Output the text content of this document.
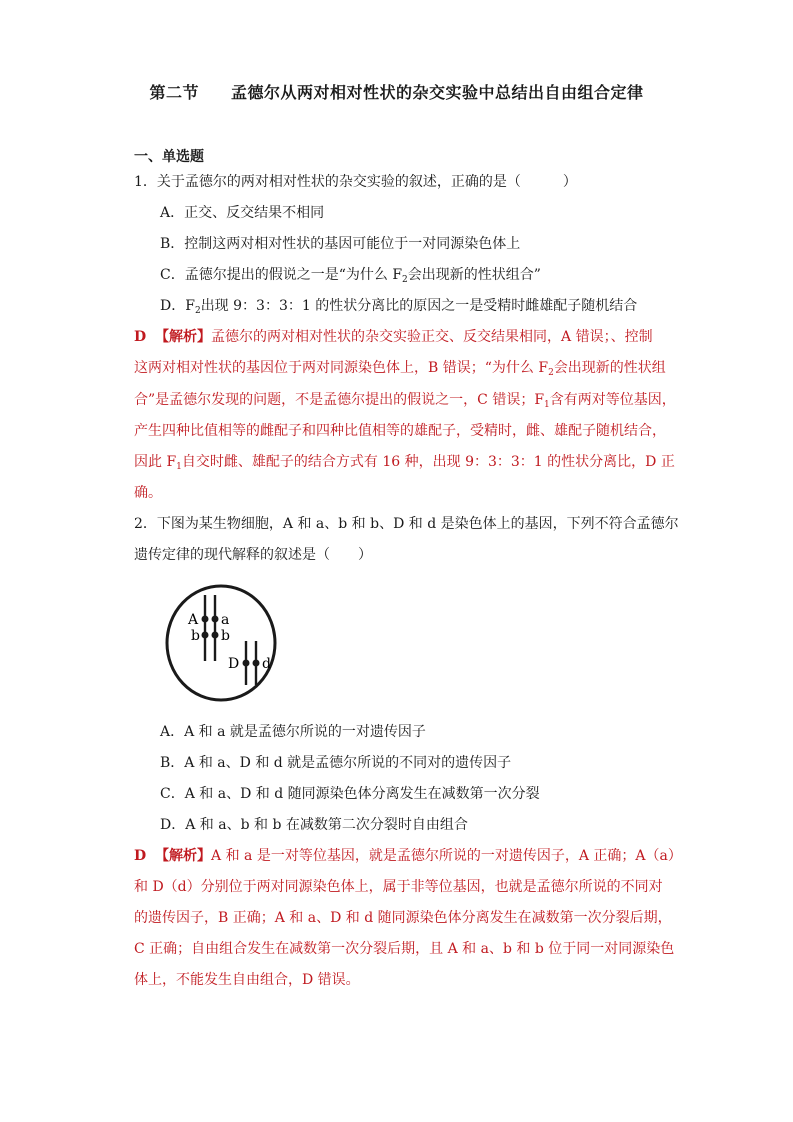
第二节 孟德尔从两对相对性状的杂交实验中总结出自由组合定律
一、单选题
1．关于孟德尔的两对相对性状的杂交实验的叙述，正确的是（　　　）
A．正交、反交结果不相同
B．控制这两对相对性状的基因可能位于一对同源染色体上
C．孟德尔提出的假说之一是“为什么 $F_2$会出现新的性状组合”
D．$F_2$出现 9：3：3：1 的性状分离比的原因之一是受精时雌雄配子随机结合
D 【解析】孟德尔的两对相对性状的杂交实验正交、反交结果相同，A 错误；、控制
这两对相对性状的基因位于两对同源染色体上，B 错误；“为什么 $F_2$会出现新的性状组
合”是孟德尔发现的问题，不是孟德尔提出的假说之一，C 错误；$F_1$含有两对等位基因，
产生四种比值相等的雌配子和四种比值相等的雄配子，受精时，雌、雄配子随机结合，
因此 $F_1$自交时雌、雄配子的结合方式有 16 种，出现 9：3：3：1 的性状分离比，D 正
确。
2．下图为某生物细胞，A 和 a、b 和 b、D 和 d 是染色体上的基因，下列不符合孟德尔
遗传定律的现代解释的叙述是（　　）
A a
b b
D d
A．A 和 a 就是孟德尔所说的一对遗传因子
B．A 和 a、D 和 d 就是孟德尔所说的不同对的遗传因子
C．A 和 a、D 和 d 随同源染色体分离发生在减数第一次分裂
D．A 和 a、b 和 b 在减数第二次分裂时自由组合
D 【解析】A 和 a 是一对等位基因，就是孟德尔所说的一对遗传因子，A 正确；A（a）
和 D（d）分别位于两对同源染色体上，属于非等位基因，也就是孟德尔所说的不同对
的遗传因子，B 正确；A 和 a、D 和 d 随同源染色体分离发生在减数第一次分裂后期，
C 正确；自由组合发生在减数第一次分裂后期，且 A 和 a、b 和 b 位于同一对同源染色
体上，不能发生自由组合，D 错误。
